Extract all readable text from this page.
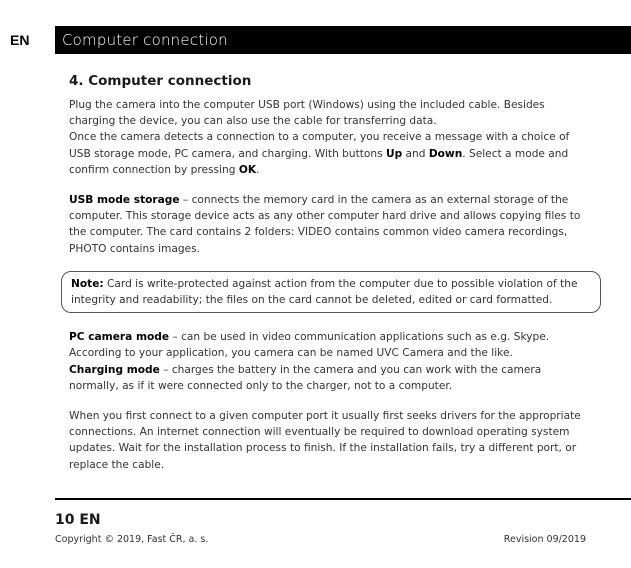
EN	Computer connection
4. Computer connection

Plug the camera into the computer USB port (Windows) using the included cable. Besides charging the device, you can also use the cable for transferring data.

Once the camera detects a connection to a computer, you receive a message with a choice of USB storage mode, PC camera, and charging. With buttons Up and Down. Select a mode and confirm connection by pressing OK.

USB mode storage – connects the memory card in the camera as an external storage of the computer. This storage device acts as any other computer hard drive and allows copying files to the computer. The card contains 2 folders: VIDEO contains common video camera recordings, PHOTO contains images.

Note: Card is write-protected against action from the computer due to possible violation of the integrity and readability; the files on the card cannot be deleted, edited or card formatted.

PC camera mode – can be used in video communication applications such as e.g. Skype. According to your application, you camera can be named UVC Camera and the like.

Charging mode – charges the battery in the camera and you can work with the camera normally, as if it were connected only to the charger, not to a computer.

When you first connect to a given computer port it usually first seeks drivers for the appropriate connections. An internet connection will eventually be required to download operating system updates. Wait for the installation process to finish. If the installation fails, try a different port, or replace the cable.

10 EN
Copyright © 2019, Fast ČR, a. s.	Revision 09/2019
